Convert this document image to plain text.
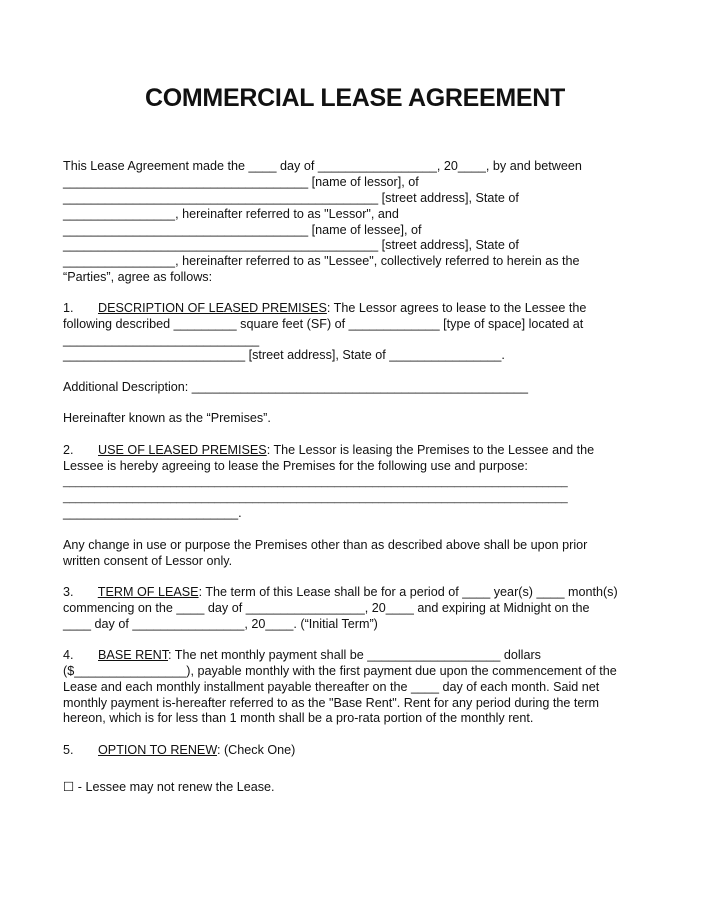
COMMERCIAL LEASE AGREEMENT
This Lease Agreement made the ____ day of _________________, 20____, by and between
___________________________________ [name of lessor], of
_____________________________________________ [street address], State of
________________, hereinafter referred to as "Lessor", and
___________________________________ [name of lessee], of
_____________________________________________ [street address], State of
________________, hereinafter referred to as "Lessee", collectively referred to herein as the
“Parties”, agree as follows:
1. DESCRIPTION OF LEASED PREMISES: The Lessor agrees to lease to the Lessee the
following described _________ square feet (SF) of _____________ [type of space] located at
____________________________
__________________________ [street address], State of ________________.
Additional Description: ________________________________________________
Hereinafter known as the “Premises”.
2. USE OF LEASED PREMISES: The Lessor is leasing the Premises to the Lessee and the
Lessee is hereby agreeing to lease the Premises for the following use and purpose:
________________________________________________________________________________
________________________________________________________________________________
_________________________.
Any change in use or purpose the Premises other than as described above shall be upon prior
written consent of Lessor only.
3. TERM OF LEASE: The term of this Lease shall be for a period of ____ year(s) ____ month(s)
commencing on the ____ day of _________________, 20____ and expiring at Midnight on the
____ day of ________________, 20____. (“Initial Term”)
4. BASE RENT: The net monthly payment shall be ___________________ dollars
($________________), payable monthly with the first payment due upon the commencement of the
Lease and each monthly installment payable thereafter on the ____ day of each month. Said net
monthly payment is-hereafter referred to as the "Base Rent". Rent for any period during the term
hereon, which is for less than 1 month shall be a pro-rata portion of the monthly rent.
5. OPTION TO RENEW: (Check One)
☐ - Lessee may not renew the Lease.
